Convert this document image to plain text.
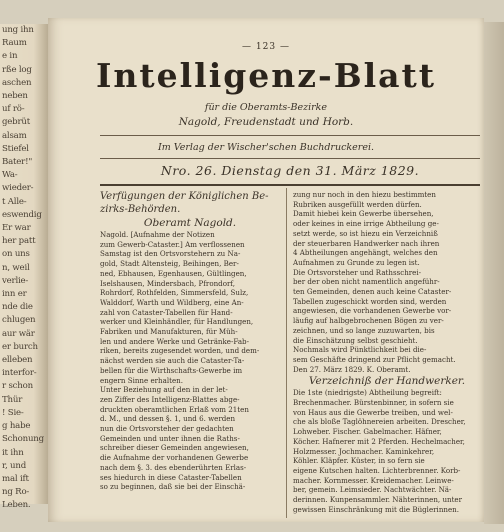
ung ihn
Raum
e in
rße log
aschen
neben
uf rö-
gebrüt
alsam
Stiefel
Bater!"
Wa-
wieder-
t Alle-
eswendig
Er war
her patt
on uns
n, weil
verlie-
inn er
nde die
chlugen
aur wär
er burch
elleben
interfor-
r schon
Thür
! Sie-
g habe
Schonung
it ihn
r, und
mal ift
ng Ro-
Leben.
— 123 —
Intelligenz-Blatt
für die Oberamts-Bezirke
Nagold, Freudenstadt und Horb.
Im Verlag der Wischer'schen Buchdruckerei.
Nro. 26. Dienstag den 31. März 1829.

Verfügungen der Königlichen Be- zirks-Behörden.

Oberamt Nagold.

Nagold. [Aufnahme der Notizen
zum Gewerb-Cataster.] Am verflossenen
Samstag ist den Ortsvorstehern zu Na-
gold, Stadt Altensteig, Beihingen, Ber-
ned, Ebhausen, Egenhausen, Gültlingen,
Iselshausen, Mindersbach, Pfrondorf,
Rohrdorf, Rothfelden, Simmersfeld, Sulz,
Walddorf, Warth und Wildberg, eine An-
zahl von Cataster-Tabellen für Hand-
werker und Kleinhändler, für Handlungen,
Fabriken und Manufakturen, für Müh-
len und andere Werke und Getränke-Fab-
riken, bereits zugesendet worden, und dem-
nächst werden sie auch die Cataster-Ta-
bellen für die Wirthschafts-Gewerbe im
engern Sinne erhalten.
Unter Beziehung auf den in der let-
zen Ziffer des Intelligenz-Blattes abge-
druckten oberamtlichen Erlaß vom 21ten
d. M., und dessen §. 1, und 6. werden
nun die Ortsvorsteher der gedachten
Gemeinden und unter ihnen die Raths-
schreiber dieser Gemeinden angewiesen,
die Aufnahme der vorhandenen Gewerbe
nach dem §. 3. des ebenderührten Erlas-
ses hiedurch in diese Cataster-Tabellen
so zu beginnen, daß sie bei der Einschä-
zung nur noch in den hiezu bestimmten
Rubriken ausgefüllt werden dürfen.
Damit hiebei kein Gewerbe übersehen,
oder keines in eine irrige Abtheilung ge-
setzt werde, so ist hiezu ein Verzeichniß
der steuerbaren Handwerker nach ihren
4 Abtheilungen angehängt, welches den
Aufnahmen zu Grunde zu legen ist.
Die Ortsvorsteher und Rathsschrei-
ber der oben nicht namentlich angeführ-
ten Gemeinden, denen auch keine Cataster-
Tabellen zugeschickt worden sind, werden
angewiesen, die vorhandenen Gewerbe vor-
läufig auf halbgebrochenen Bögen zu ver-
zeichnen, und so lange zuzuwarten, bis
die Einschätzung selbst geschieht.
Nochmals wird Pünktlichkeit bei die-
sem Geschäfte dringend zur Pflicht gemacht.
Den 27. März 1829. K. Oberamt.

Verzeichniß der Handwerker.

Die 1ste (niedrigste) Abtheilung begreift:
Brechenmacher. Bürstenbinner, in sofern sie
von Haus aus die Gewerbe treiben, und wel-
che als bloße Taglöhnereien arbeiten. Drescher,
Lohweber. Fischer. Gabelmacher. Häfner,
Köcher. Hafnerer mit 2 Pferden. Hechelmacher,
Holzmesser. Jochmacher. Kaminkehrer,
Köhler. Kläpfer. Küster, in so fern sie
eigene Kutschen halten. Lichterbrenner. Korb-
macher. Kornmesser. Kreidemacher. Leinwe-
ber, gemein. Leimsieder. Nachtwächter. Nä-
derinnen. Kunpensammler. Nähterinnen, unter
gewissen Einschränkung mit die Büglerinnen.
